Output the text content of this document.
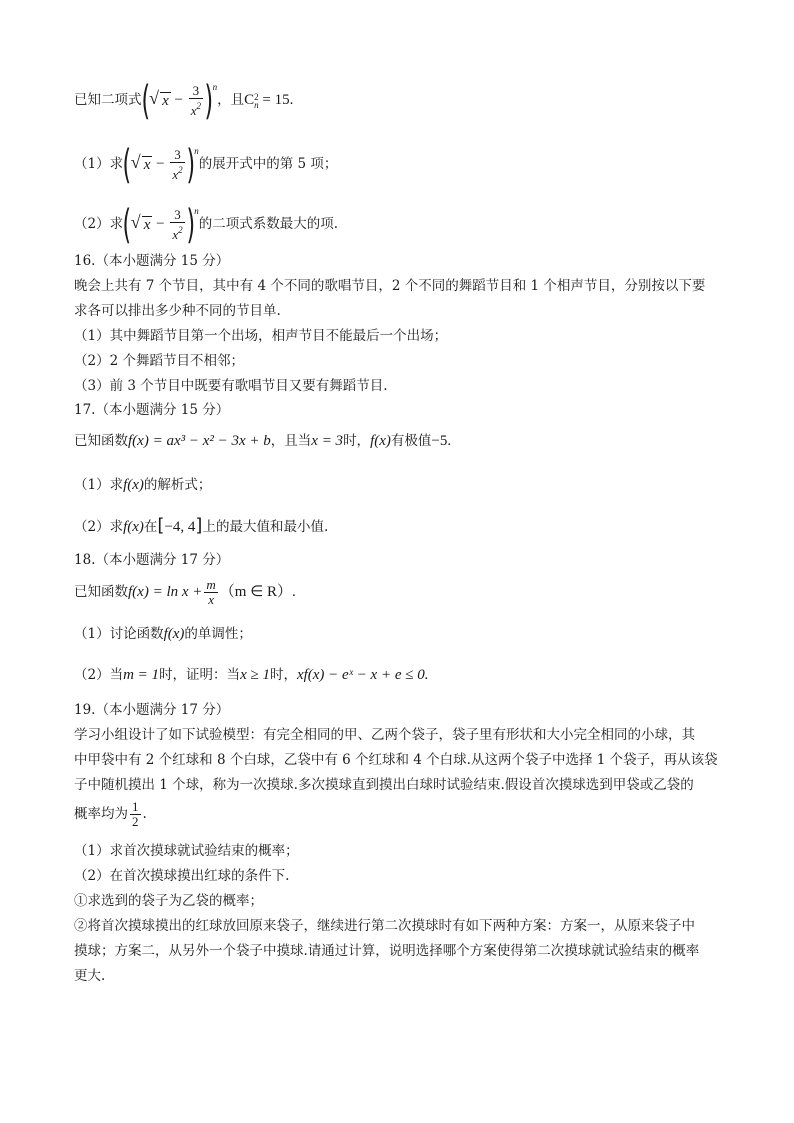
已知二项式( √ $x - \frac{3}{x^2} )^n$，且C 2
n = 15.
（1）求( √ $x - \frac{3}{x^2} )^n$的展开式中的第 5 项；
（2）求( √ $x - \frac{3}{x^2} )^n$的二项式系数最大的项.
16.（本小题满分 15 分）
晚会上共有 7 个节目，其中有 4 个不同的歌唱节目，2 个不同的舞蹈节目和 1 个相声节目，分别按以下要
求各可以排出多少种不同的节目单.
（1）其中舞蹈节目第一个出场，相声节目不能最后一个出场；
（2）2 个舞蹈节目不相邻；
（3）前 3 个节目中既要有歌唱节目又要有舞蹈节目.
17.（本小题满分 15 分）
已知函数f(x) = ax³ − x² − 3x + b，且当x = 3时，f(x)有极值−5.
（1）求f(x)的解析式；
（2）求f(x)在[−4, 4]上的最大值和最小值.
18.（本小题满分 17 分）
已知函数$f(x) = \ln x + \frac{m}{x} (m$ ∈ R）.
（1）讨论函数f(x)的单调性；
（2）当m = 1时，证明：当x ≥ 1时，xf(x) − eˣ − x + e ≤ 0.
19.（本小题满分 17 分）
学习小组设计了如下试验模型：有完全相同的甲、乙两个袋子，袋子里有形状和大小完全相同的小球，其
中甲袋中有 2 个红球和 8 个白球，乙袋中有 6 个红球和 4 个白球.从这两个袋子中选择 1 个袋子，再从该袋
子中随机摸出 1 个球，称为一次摸球.多次摸球直到摸出白球时试验结束.假设首次摸球选到甲袋或乙袋的
概率均为 $\frac{1}{2}$ .
（1）求首次摸球就试验结束的概率；
（2）在首次摸球摸出红球的条件下.
①求选到的袋子为乙袋的概率；
②将首次摸球摸出的红球放回原来袋子，继续进行第二次摸球时有如下两种方案：方案一，从原来袋子中
摸球；方案二，从另外一个袋子中摸球.请通过计算，说明选择哪个方案使得第二次摸球就试验结束的概率
更大.
